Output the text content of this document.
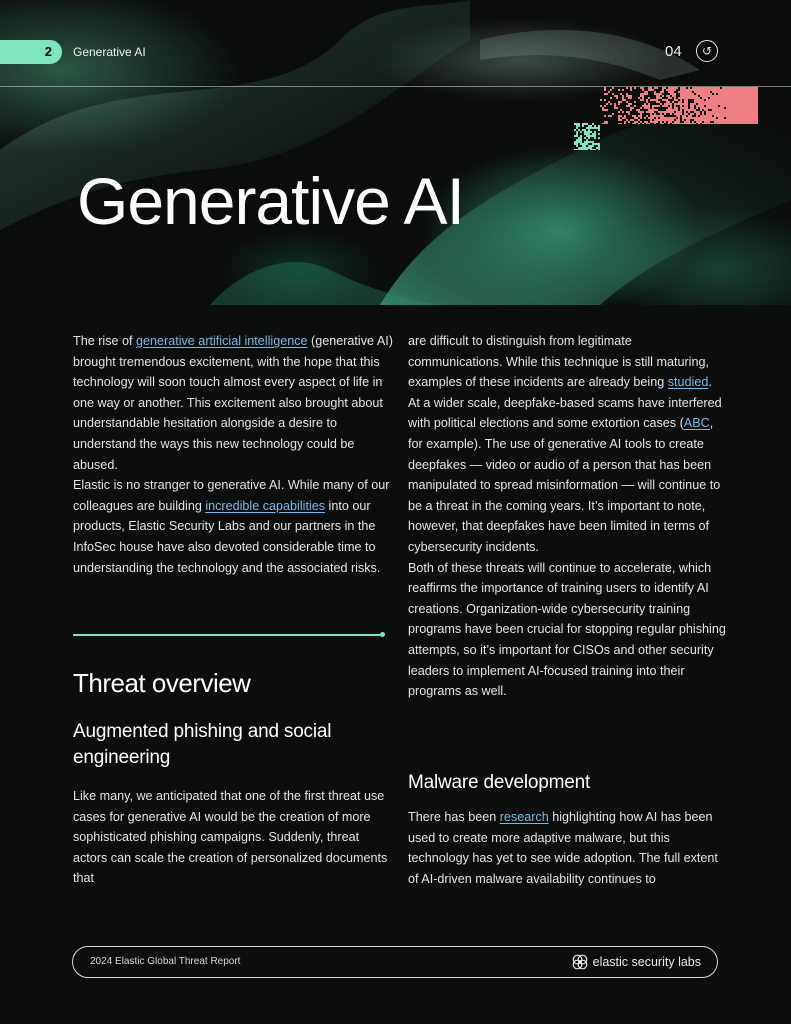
2	Generative AI	04	↺
Generative AI

The rise of generative artificial intelligence (generative AI) brought tremendous excitement, with the hope that this technology will soon touch almost every aspect of life in one way or another. This excitement also brought about understandable hesitation alongside a desire to understand the ways this new technology could be abused.

Elastic is no stranger to generative AI. While many of our colleagues are building incredible capabilities into our products, Elastic Security Labs and our partners in the InfoSec house have also devoted considerable time to understanding the technology and the associated risks.

Threat overview
Augmented phishing and social engineering

Like many, we anticipated that one of the first threat use cases for generative AI would be the creation of more sophisticated phishing campaigns. Suddenly, threat actors can scale the creation of personalized documents that

are difficult to distinguish from legitimate communications. While this technique is still maturing, examples of these incidents are already being studied.

At a wider scale, deepfake-based scams have interfered with political elections and some extortion cases (ABC, for example). The use of generative AI tools to create deepfakes — video or audio of a person that has been manipulated to spread misinformation — will continue to be a threat in the coming years. It’s important to note, however, that deepfakes have been limited in terms of cybersecurity incidents.

Both of these threats will continue to accelerate, which reaffirms the importance of training users to identify AI creations. Organization-wide cybersecurity training programs have been crucial for stopping regular phishing attempts, so it’s important for CISOs and other security leaders to implement AI-focused training into their programs as well.

Malware development

There has been research highlighting how AI has been used to create more adaptive malware, but this technology has yet to see wide adoption. The full extent of AI-driven malware availability continues to

2024 Elastic Global Threat Report	elastic security labs
